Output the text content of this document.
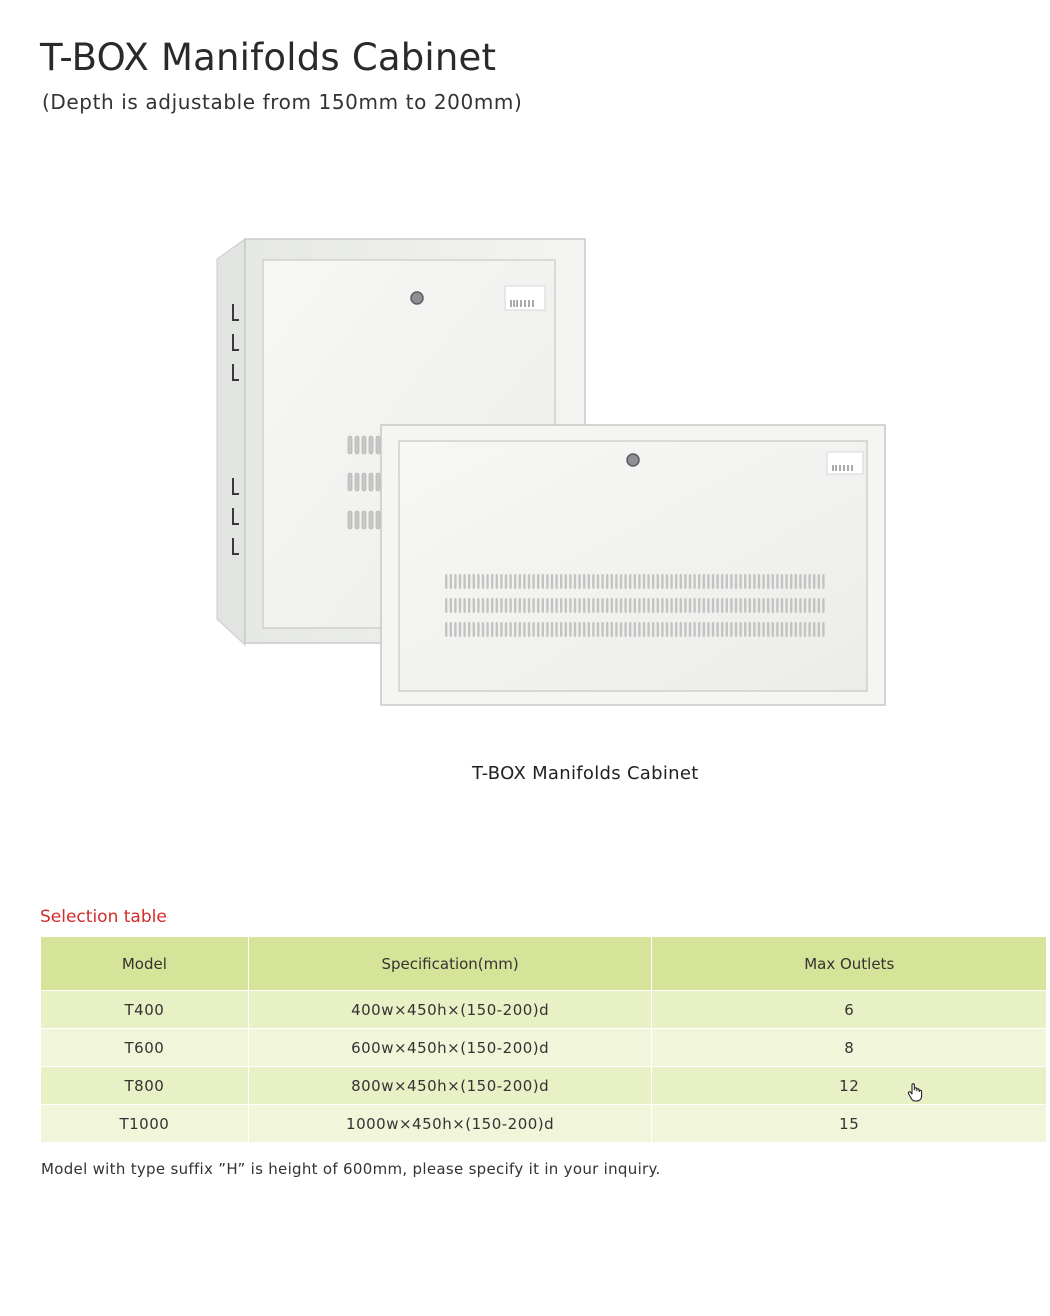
T-BOX Manifolds Cabinet
(Depth is adjustable from 150mm to 200mm)
T-BOX Manifolds Cabinet
Selection table
Model	Specification(mm)	Max Outlets
T400	400w×450h×(150-200)d	6
T600	600w×450h×(150-200)d	8
T800	800w×450h×(150-200)d	12
T1000	1000w×450h×(150-200)d	15
Model with type suffix ”H” is height of 600mm, please specify it in your inquiry.
